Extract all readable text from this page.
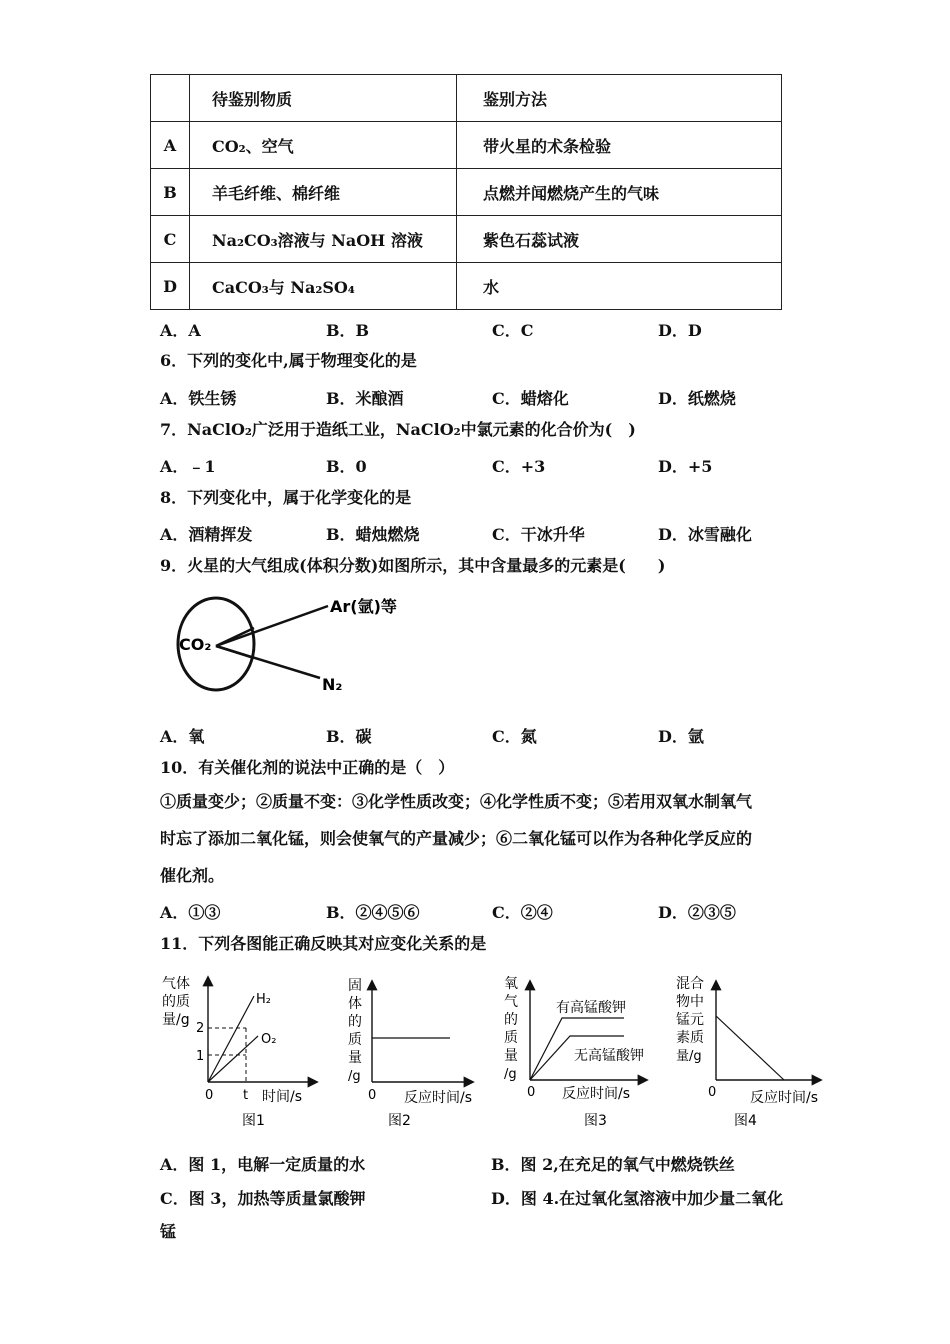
	待鉴别物质	鉴别方法
A	CO₂、空气	带火星的术条检验
B	羊毛纤维、棉纤维	点燃并闻燃烧产生的气味
C	Na₂CO₃溶液与 NaOH 溶液	紫色石蕊试液
D	CaCO₃与 Na₂SO₄	水
A．A	B．B	C．C	D．D
6．下列的变化中,属于物理变化的是
A．铁生锈	B．米酿酒	C．蜡熔化	D．纸燃烧
7．NaClO₂广泛用于造纸工业，NaClO₂中氯元素的化合价为(　)
A．﹣1	B．0	C．+3	D．+5
8．下列变化中，属于化学变化的是
A．酒精挥发	B．蜡烛燃烧	C．干冰升华	D．冰雪融化
9．火星的大气组成(体积分数)如图所示，其中含量最多的元素是(　　)
CO₂
Ar(氩)等
N₂
A．氧	B．碳	C．氮	D．氩
10．有关催化剂的说法中正确的是（　）
①质量变少；②质量不变：③化学性质改变；④化学性质不变；⑤若用双氧水制氧气
时忘了添加二氧化锰，则会使氧气的产量减少；⑥二氧化锰可以作为各种化学反应的
催化剂。
A．①③	B．②④⑤⑥	C．②④	D．②③⑤
11．下列各图能正确反映其对应变化关系的是
气体
的质
量/g
2
1
H₂
O₂
0 t 时间/s
图1
固
体
的
质
量
/g
0 反应时间/s
图2
氧
气
的
质
量
/g
有高锰酸钾
无高锰酸钾
0 反应时间/s
图3
混合
物中
锰元
素质
量/g
0 反应时间/s
图4
A．图 1，电解一定质量的水	B．图 2,在充足的氧气中燃烧铁丝
C．图 3，加热等质量氯酸钾	D．图 4.在过氧化氢溶液中加少量二氧化
锰
